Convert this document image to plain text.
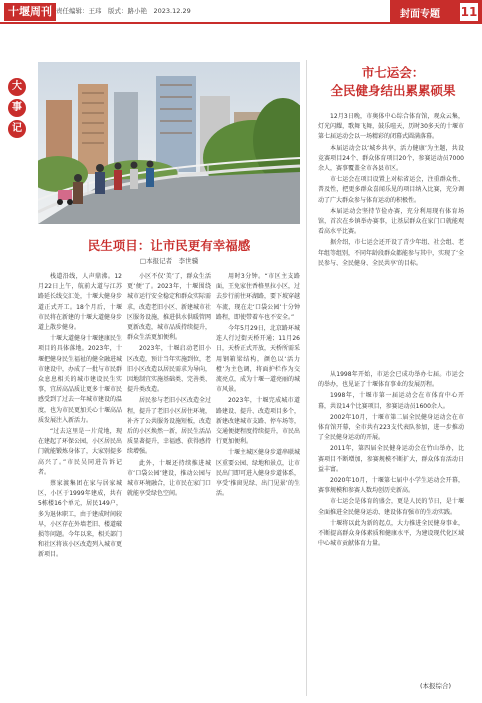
十堰周刊 责任编辑：王玮　版式：路小艳　2023.12.29	封面专题 11
大
事
记
市七运会：
全民健身结出累累硕果

12月3日晚，市奥体中心综合体育馆，观众云集，灯光闪耀，歌舞飞舞，鼓乐喧天，历时30多天的十堰市第七届运动会以一场精彩的闭幕式圆满落幕。

本届运动会以‘城乡共享，活力健康’为主题，共设竞赛项目24个、群众体育项目20个，参赛运动员7000余人，赛事覆盖全市各县市区。

市七运会在项目设置上对标省运会，注重群众性、普及性，把更多群众喜闻乐见的项目纳入比赛，充分调动了广大群众参与体育运动的积极性。

本届运动会坚持节俭办赛，充分利用现有体育场馆，首次在乡镇举办赛事，让基层群众在家门口就能观看高水平比赛。

据介绍，市七运会还开设了青少年组、社会组、老年组等组别，不同年龄段群众都能参与其中，实现了‘全民参与、全民健身、全民共享’的目标。

从1998年开始，市运会已成功举办七届。市运会的举办，也见证了十堰体育事业的发展历程。

1998年，十堰市第一届运动会在市体育中心开幕，共设14个比赛项目，参赛运动员1600余人。

2002年10月，十堰市第二届全民健身运动会在市体育馆开幕，全市共有223支代表队参加，进一步推动了全民健身运动的开展。

2011年，第四届全民健身运动会在竹山举办，比赛项目不断增加，参赛规模不断扩大，群众体育活动日益丰富。

2020年10月，十堰第七届中小学生运动会开幕，赛事规模和参赛人数均创历史新高。

市七运会是体育的盛会，更是人民的节日，是十堰全面推进全民健身运动、建设体育强市的生动实践。

十堰将以此为新的起点，大力推进全民健身事业，不断提高群众身体素质和健康水平，为建设现代化区域中心城市贡献体育力量。

(本报综合)
民生项目：让市民更有幸福感
□本报记者　李世骥

栈道沿线，人声鼎沸。12月22日上午，航前大道与江苏路延长线交汇处，十堰大健身步道正式开工。18个月后，十堰市民将在新建的十堰大道健身步道上散步健身。

十堰大道健身十堰建康民生项目的具体落地。2023年，十堰把健身民生福祉的健全融进城市建设中，办成了一批与市民群众息息相关的城市建设民生实事，宜居高品质让更多十堰市民感受到了过去一年城市建设的温度，也为市民更加关心十堰高品质发展注入新活力。

“过去这里是一片荒地，现在建起了环保公园，小区居民出门就能锻炼身体了，大家别提多高兴了。”市民吴同进告诉记者。

蔡家渡集团在家与居家城区，小区于1999年建成，共有5栋楼16个单元，居民149户，多为退休职工，由于建成时间较早，小区存在外墙老旧、楼道破损等问题。今年以来，相关部门和社区将该小区改造列入城市更新项目。

小区不仅‘美’了，群众生活更‘便’了。2023年，十堰围绕城市运行安全稳定和群众实际需求，改造老旧小区、新建城市社区服务设施，推进供水供暖管网更新改造，城市品质持续提升，群众生活更加便利。

2023年，十堰启动老旧小区改造，预计当年实施到位，老旧小区改造以居民需求为导向，因地制宜实施基础类、完善类、提升类改造。

居民参与老旧小区改造全过程，提升了老旧小区居住环境，补齐了公共服务设施短板，改造后的小区焕然一新，居民生活品质显著提升，幸福感、获得感持续增强。

此外，十堰还持续推进城市‘口袋公园’建设，推动公园与城市环境融合，让市民在家门口就能享受绿色空间。

用时3分钟。“市区主支路面，王免家住香格里拉小区，过去步行前往环湖路，要下坡穿越车流，现在走‘口袋公园’十分钟路程，即使带着车也不安全。”

今年5月29日，北京路环城连人行过街天桥开通；11月26日，天桥正式开放，天桥所需采用钢箱梁结构，颜色以‘活力橙’为主色调，将面护栏作为交流亮点，成为十堰一道亮丽的城市风景。

2023年，十堰完成城市道路建设、提升、改造项目多个，新建改建城市支路、停车场等，交通便捷程度持续提升，市民出行更加便利。

十堰主城区健身步道串联城区重要公园、绿地和景点，让市民出门即可进入健身步道体系，享受‘推窗见绿、出门见景’的生活。
